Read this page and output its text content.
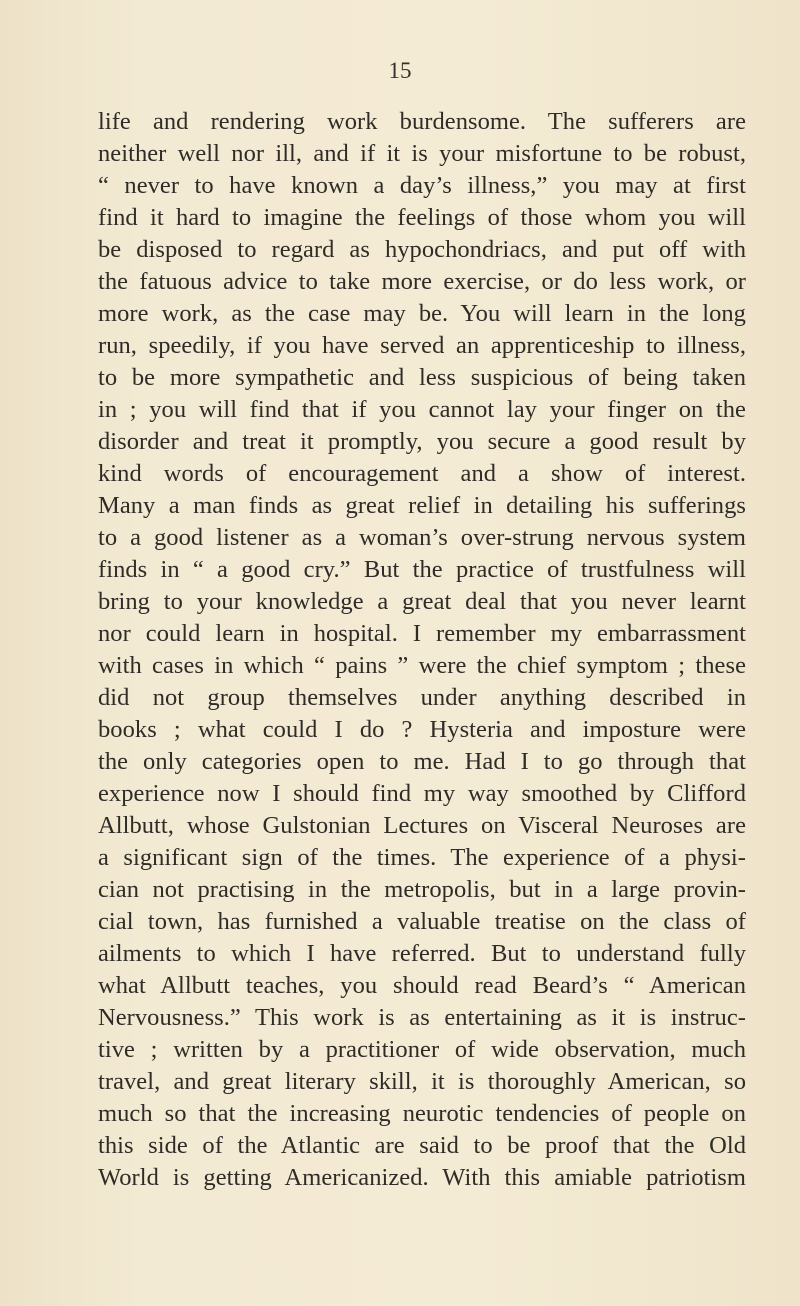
15
life and rendering work burdensome. The sufferers are
neither well nor ill, and if it is your misfortune to be robust,
“ never to have known a day’s illness,” you may at first
find it hard to imagine the feelings of those whom you will
be disposed to regard as hypochondriacs, and put off with
the fatuous advice to take more exercise, or do less work, or
more work, as the case may be. You will learn in the long
run, speedily, if you have served an apprenticeship to illness,
to be more sympathetic and less suspicious of being taken
in ; you will find that if you cannot lay your finger on the
disorder and treat it promptly, you secure a good result by
kind words of encouragement and a show of interest.
Many a man finds as great relief in detailing his sufferings
to a good listener as a woman’s over-strung nervous system
finds in “ a good cry.” But the practice of trustfulness will
bring to your knowledge a great deal that you never learnt
nor could learn in hospital. I remember my embarrassment
with cases in which “ pains ” were the chief symptom ; these
did not group themselves under anything described in
books ; what could I do ? Hysteria and imposture were
the only categories open to me. Had I to go through that
experience now I should find my way smoothed by Clifford
Allbutt, whose Gulstonian Lectures on Visceral Neuroses are
a significant sign of the times. The experience of a physi-
cian not practising in the metropolis, but in a large provin-
cial town, has furnished a valuable treatise on the class of
ailments to which I have referred. But to understand fully
what Allbutt teaches, you should read Beard’s “ American
Nervousness.” This work is as entertaining as it is instruc-
tive ; written by a practitioner of wide observation, much
travel, and great literary skill, it is thoroughly American, so
much so that the increasing neurotic tendencies of people on
this side of the Atlantic are said to be proof that the Old
World is getting Americanized. With this amiable patriotism
